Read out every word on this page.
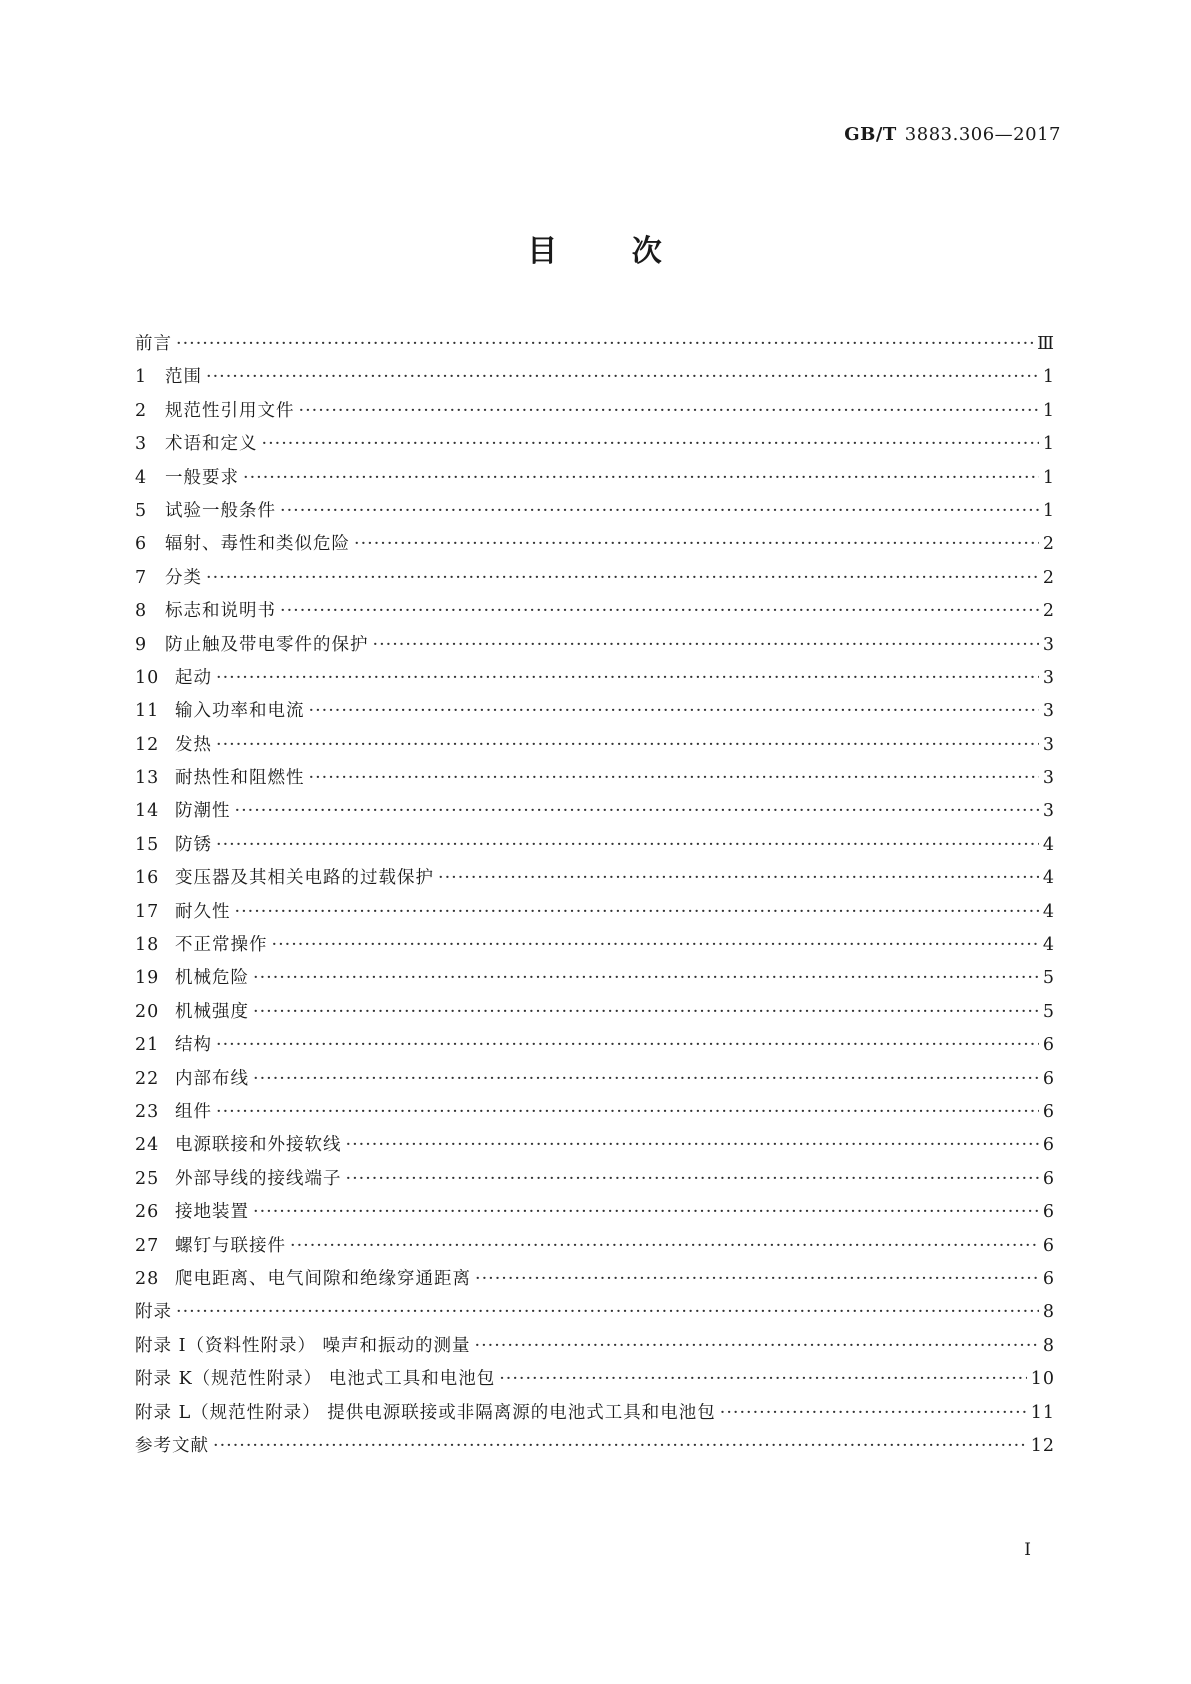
GB/T 3883.306—2017
目 次
前言 ·····	Ⅲ
1	范围 ·····	1
2	规范性引用文件 ·····	1
3	术语和定义 ·····	1
4	一般要求 ·····	1
5	试验一般条件 ·····	1
6	辐射、毒性和类似危险 ·····	2
7	分类 ·····	2
8	标志和说明书 ·····	2
9	防止触及带电零件的保护 ·····	3
10 起动 ·····	3
11 输入功率和电流 ·····	3
12 发热 ·····	3
13 耐热性和阻燃性 ·····	3
14 防潮性 ·····	3
15 防锈 ·····	4
16 变压器及其相关电路的过载保护 ·····	4
17 耐久性 ·····	4
18 不正常操作 ·····	4
19 机械危险 ·····	5
20 机械强度 ·····	5
21 结构 ·····	6
22 内部布线 ·····	6
23 组件 ·····	6
24 电源联接和外接软线 ·····	6
25 外部导线的接线端子 ·····	6
26 接地装置 ·····	6
27 螺钉与联接件 ·····	6
28 爬电距离、电气间隙和绝缘穿通距离 ·····	6
附录 ·····	8
附录 I（资料性附录） 噪声和振动的测量 ·····	8
附录 K（规范性附录） 电池式工具和电池包 ·····	10
附录 L（规范性附录） 提供电源联接或非隔离源的电池式工具和电池包 ·····	11
参考文献 ·····	12
I
